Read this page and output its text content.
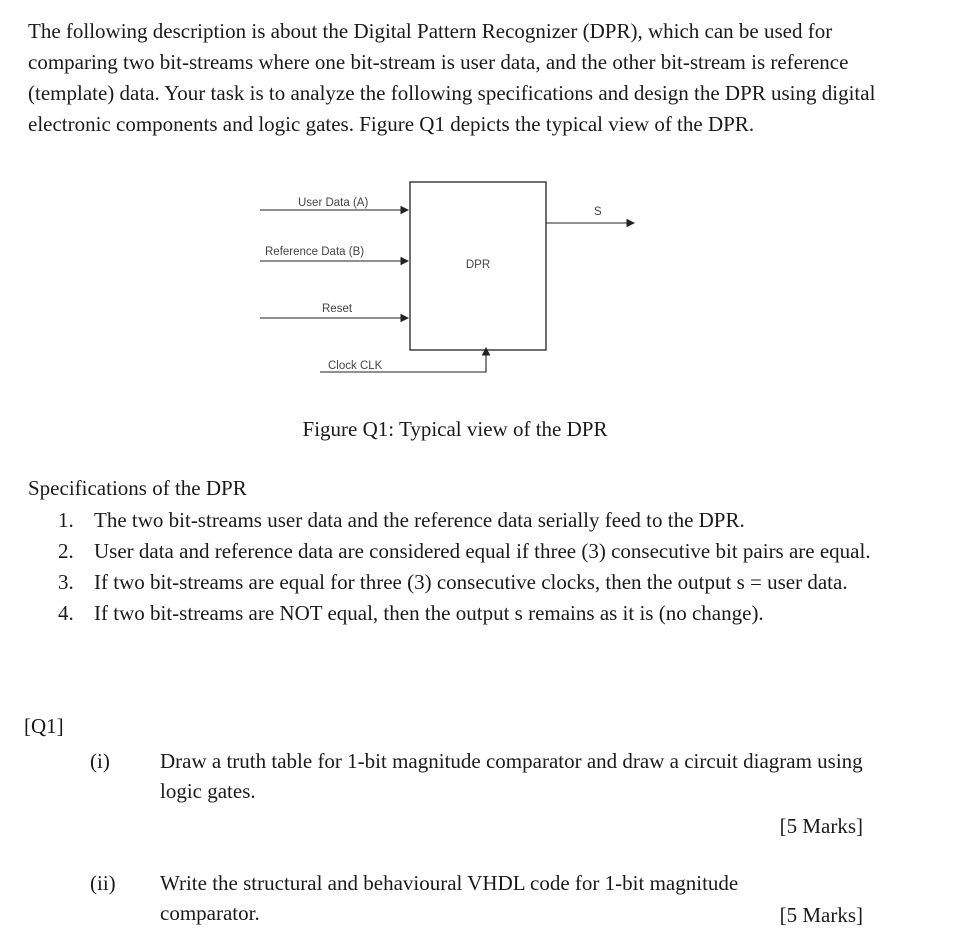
The following description is about the Digital Pattern Recognizer (DPR), which can be used for comparing two bit-streams where one bit-stream is user data, and the other bit-stream is reference (template) data. Your task is to analyze the following specifications and design the DPR using digital electronic components and logic gates. Figure Q1 depicts the typical view of the DPR.

DPR
User Data (A)
Reference Data (B)
Reset
Clock CLK
S

Figure Q1: Typical view of the DPR

Specifications of the DPR

1. The two bit-streams user data and the reference data serially feed to the DPR.
2. User data and reference data are considered equal if three (3) consecutive bit pairs are equal.
3. If two bit-streams are equal for three (3) consecutive clocks, then the output s = user data.
4. If two bit-streams are NOT equal, then the output s remains as it is (no change).

[Q1]

(i) Draw a truth table for 1-bit magnitude comparator and draw a circuit diagram using logic gates.
[5 Marks]
(ii) Write the structural and behavioural VHDL code for 1-bit magnitude comparator.	[5 Marks]
